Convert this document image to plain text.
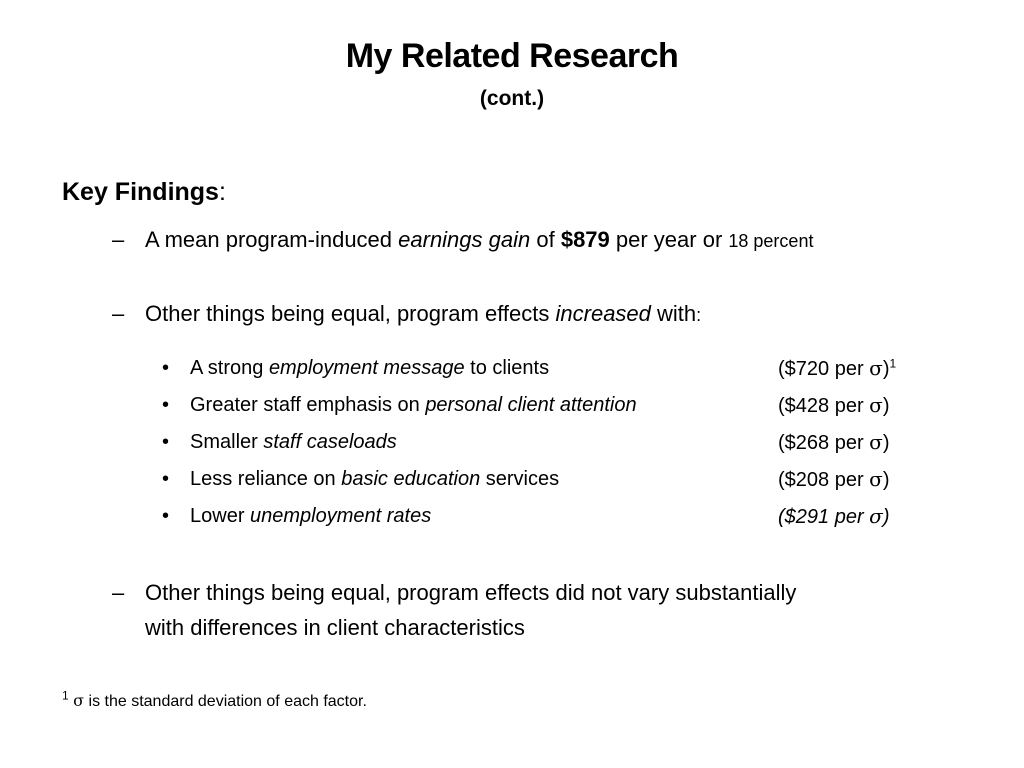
My Related Research
(cont.)
Key Findings:
– A mean program-induced earnings gain of $879 per year or 18 percent
– Other things being equal, program effects increased with:
• A strong employment message to clients	($720 per σ)$^1$
• Greater staff emphasis on personal client attention	($428 per σ)
• Smaller staff caseloads	($268 per σ)
• Less reliance on basic education services	($208 per σ)
• Lower unemployment rates	($291 per σ)
– Other things being equal, program effects did not vary substantially
with differences in client characteristics
$^1$ σ is the standard deviation of each factor.
